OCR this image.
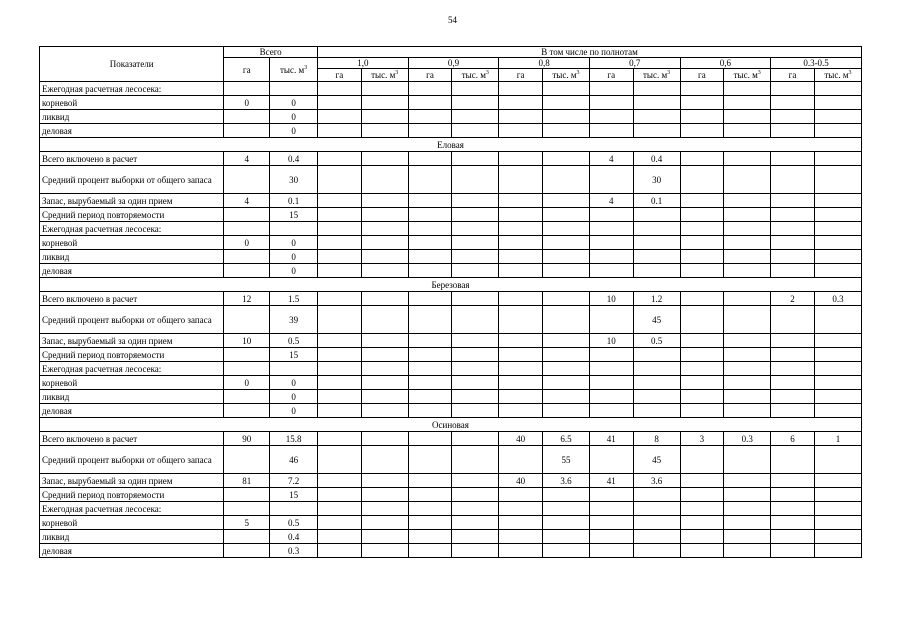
54
Показатели	Всего		В том числе по полнотам											
	га	тыс. $м^3$	1,0		0,9		0,8		0,7		0,6		0.3-0.5	
			га	тыс. $м^3$	га	тыс. $м^3$	га	тыс. $м^3$	га	тыс. $м^3$	га	тыс. $м^3$	га	тыс. $м^3$
Ежегодная расчетная лесосека:														
корневой	0	0												
ликвид		0												
деловая		0												
Еловая														
Всего включено в расчет	4	0.4							4	0.4				
Средний процент выборки от общего запаса		30								30				
Запас, вырубаемый за один прием	4	0.1							4	0.1				
Средний период повторяемости		15												
Ежегодная расчетная лесосека:														
корневой	0	0												
ликвид		0												
деловая		0												
Березовая														
Всего включено в расчет	12	1.5							10	1.2			2	0.3
Средний процент выборки от общего запаса		39								45				
Запас, вырубаемый за один прием	10	0.5							10	0.5				
Средний период повторяемости		15												
Ежегодная расчетная лесосека:														
корневой	0	0												
ликвид		0												
деловая		0												
Осиновая														
Всего включено в расчет	90	15.8					40	6.5	41	8	3	0.3	6	1
Средний процент выборки от общего запаса		46						55		45				
Запас, вырубаемый за один прием	81	7.2					40	3.6	41	3.6				
Средний период повторяемости		15												
Ежегодная расчетная лесосека:														
корневой	5	0.5												
ликвид		0.4												
деловая		0.3												
